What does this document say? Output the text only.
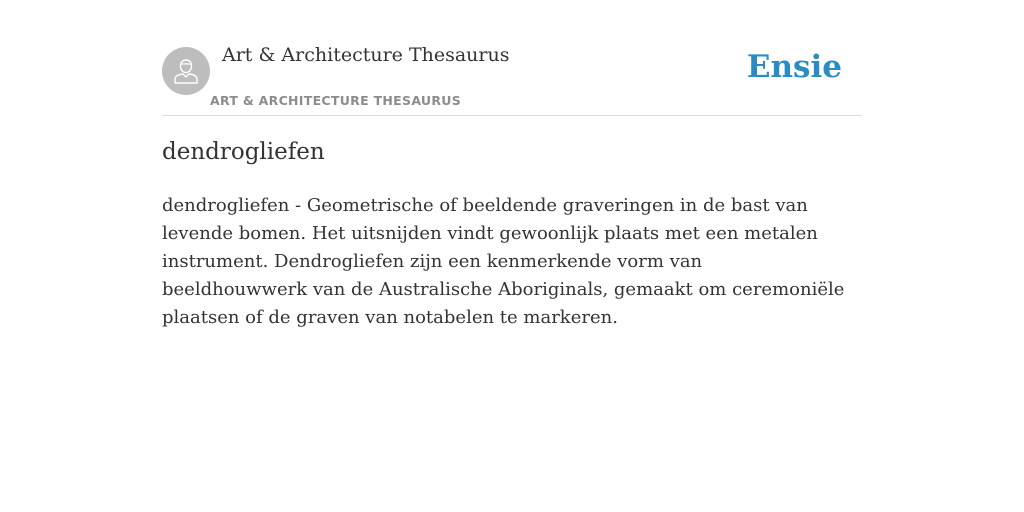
Art & Architecture Thesaurus
ART & ARCHITECTURE THESAURUS
Ensie
dendrogliefen

dendrogliefen - Geometrische of beeldende graveringen in de bast van levende bomen. Het uitsnijden vindt gewoonlijk plaats met een metalen instrument. Dendrogliefen zijn een kenmerkende vorm van beeldhouwwerk van de Australische Aboriginals, gemaakt om ceremoniële plaatsen of de graven van notabelen te markeren.
